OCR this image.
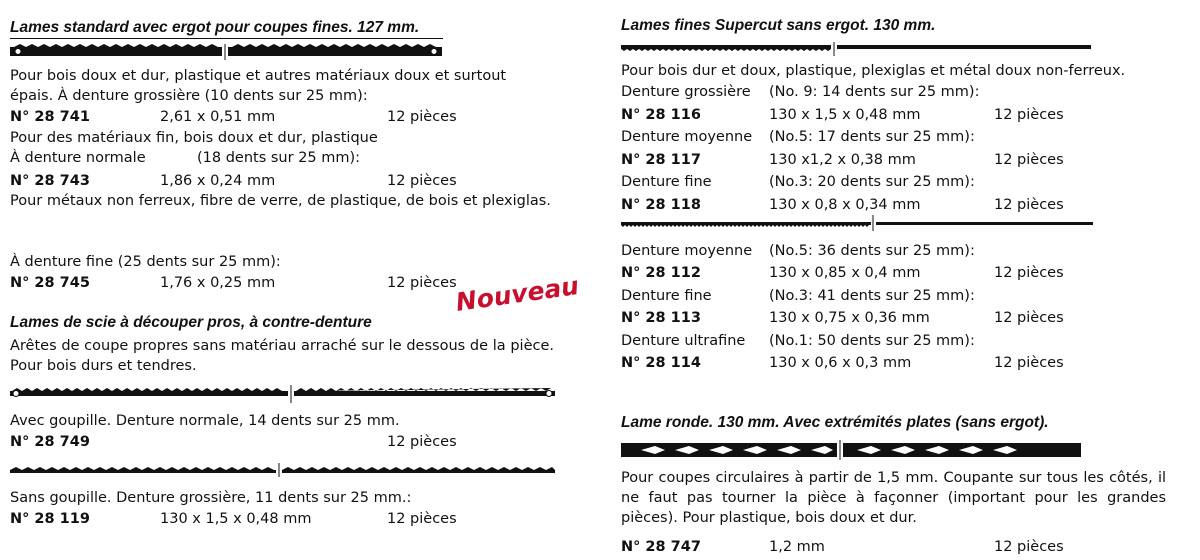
Lames standard avec ergot pour coupes fines. 127 mm.
Pour bois doux et dur, plastique et autres matériaux doux et surtout
épais. À denture grossière (10 dents sur 25 mm):
N° 28 741	2,61 x 0,51 mm	12 pièces
Pour des matériaux fin, bois doux et dur, plastique
À denture normale	(18 dents sur 25 mm):
N° 28 743	1,86 x 0,24 mm	12 pièces
Pour métaux non ferreux, fibre de verre, de plastique, de bois et plexiglas.
À denture fine (25 dents sur 25 mm):
N° 28 745	1,76 x 0,25 mm	12 pièces
Lames de scie à découper pros, à contre-denture
Arêtes de coupe propres sans matériau arraché sur le dessous de la pièce. Pour bois durs et tendres.
Avec goupille. Denture normale, 14 dents sur 25 mm.
N° 28 749	12 pièces
Sans goupille. Denture grossière, 11 dents sur 25 mm.:
N° 28 119	130 x 1,5 x 0,48 mm	12 pièces
Nouveau
Lames fines Supercut sans ergot. 130 mm.
Pour bois dur et doux, plastique, plexiglas et métal doux non-ferreux.
Denture grossière (No. 9: 14 dents sur 25 mm):
N° 28 116	130 x 1,5 x 0,48 mm	12 pièces
Denture moyenne (No.5: 17 dents sur 25 mm):
N° 28 117	130 x1,2 x 0,38 mm	12 pièces
Denture fine	(No.3: 20 dents sur 25 mm):
N° 28 118	130 x 0,8 x 0,34 mm	12 pièces
Denture moyenne (No.5: 36 dents sur 25 mm):
N° 28 112	130 x 0,85 x 0,4 mm	12 pièces
Denture fine	(No.3: 41 dents sur 25 mm):
N° 28 113	130 x 0,75 x 0,36 mm	12 pièces
Denture ultrafine (No.1: 50 dents sur 25 mm):
N° 28 114	130 x 0,6 x 0,3 mm	12 pièces
Lame ronde. 130 mm. Avec extrémités plates (sans ergot).
Pour coupes circulaires à partir de 1,5 mm. Coupante sur tous les côtés, il ne faut pas tourner la pièce à façonner (important pour les grandes pièces). Pour plastique, bois doux et dur.
N° 28 747	1,2 mm	12 pièces
